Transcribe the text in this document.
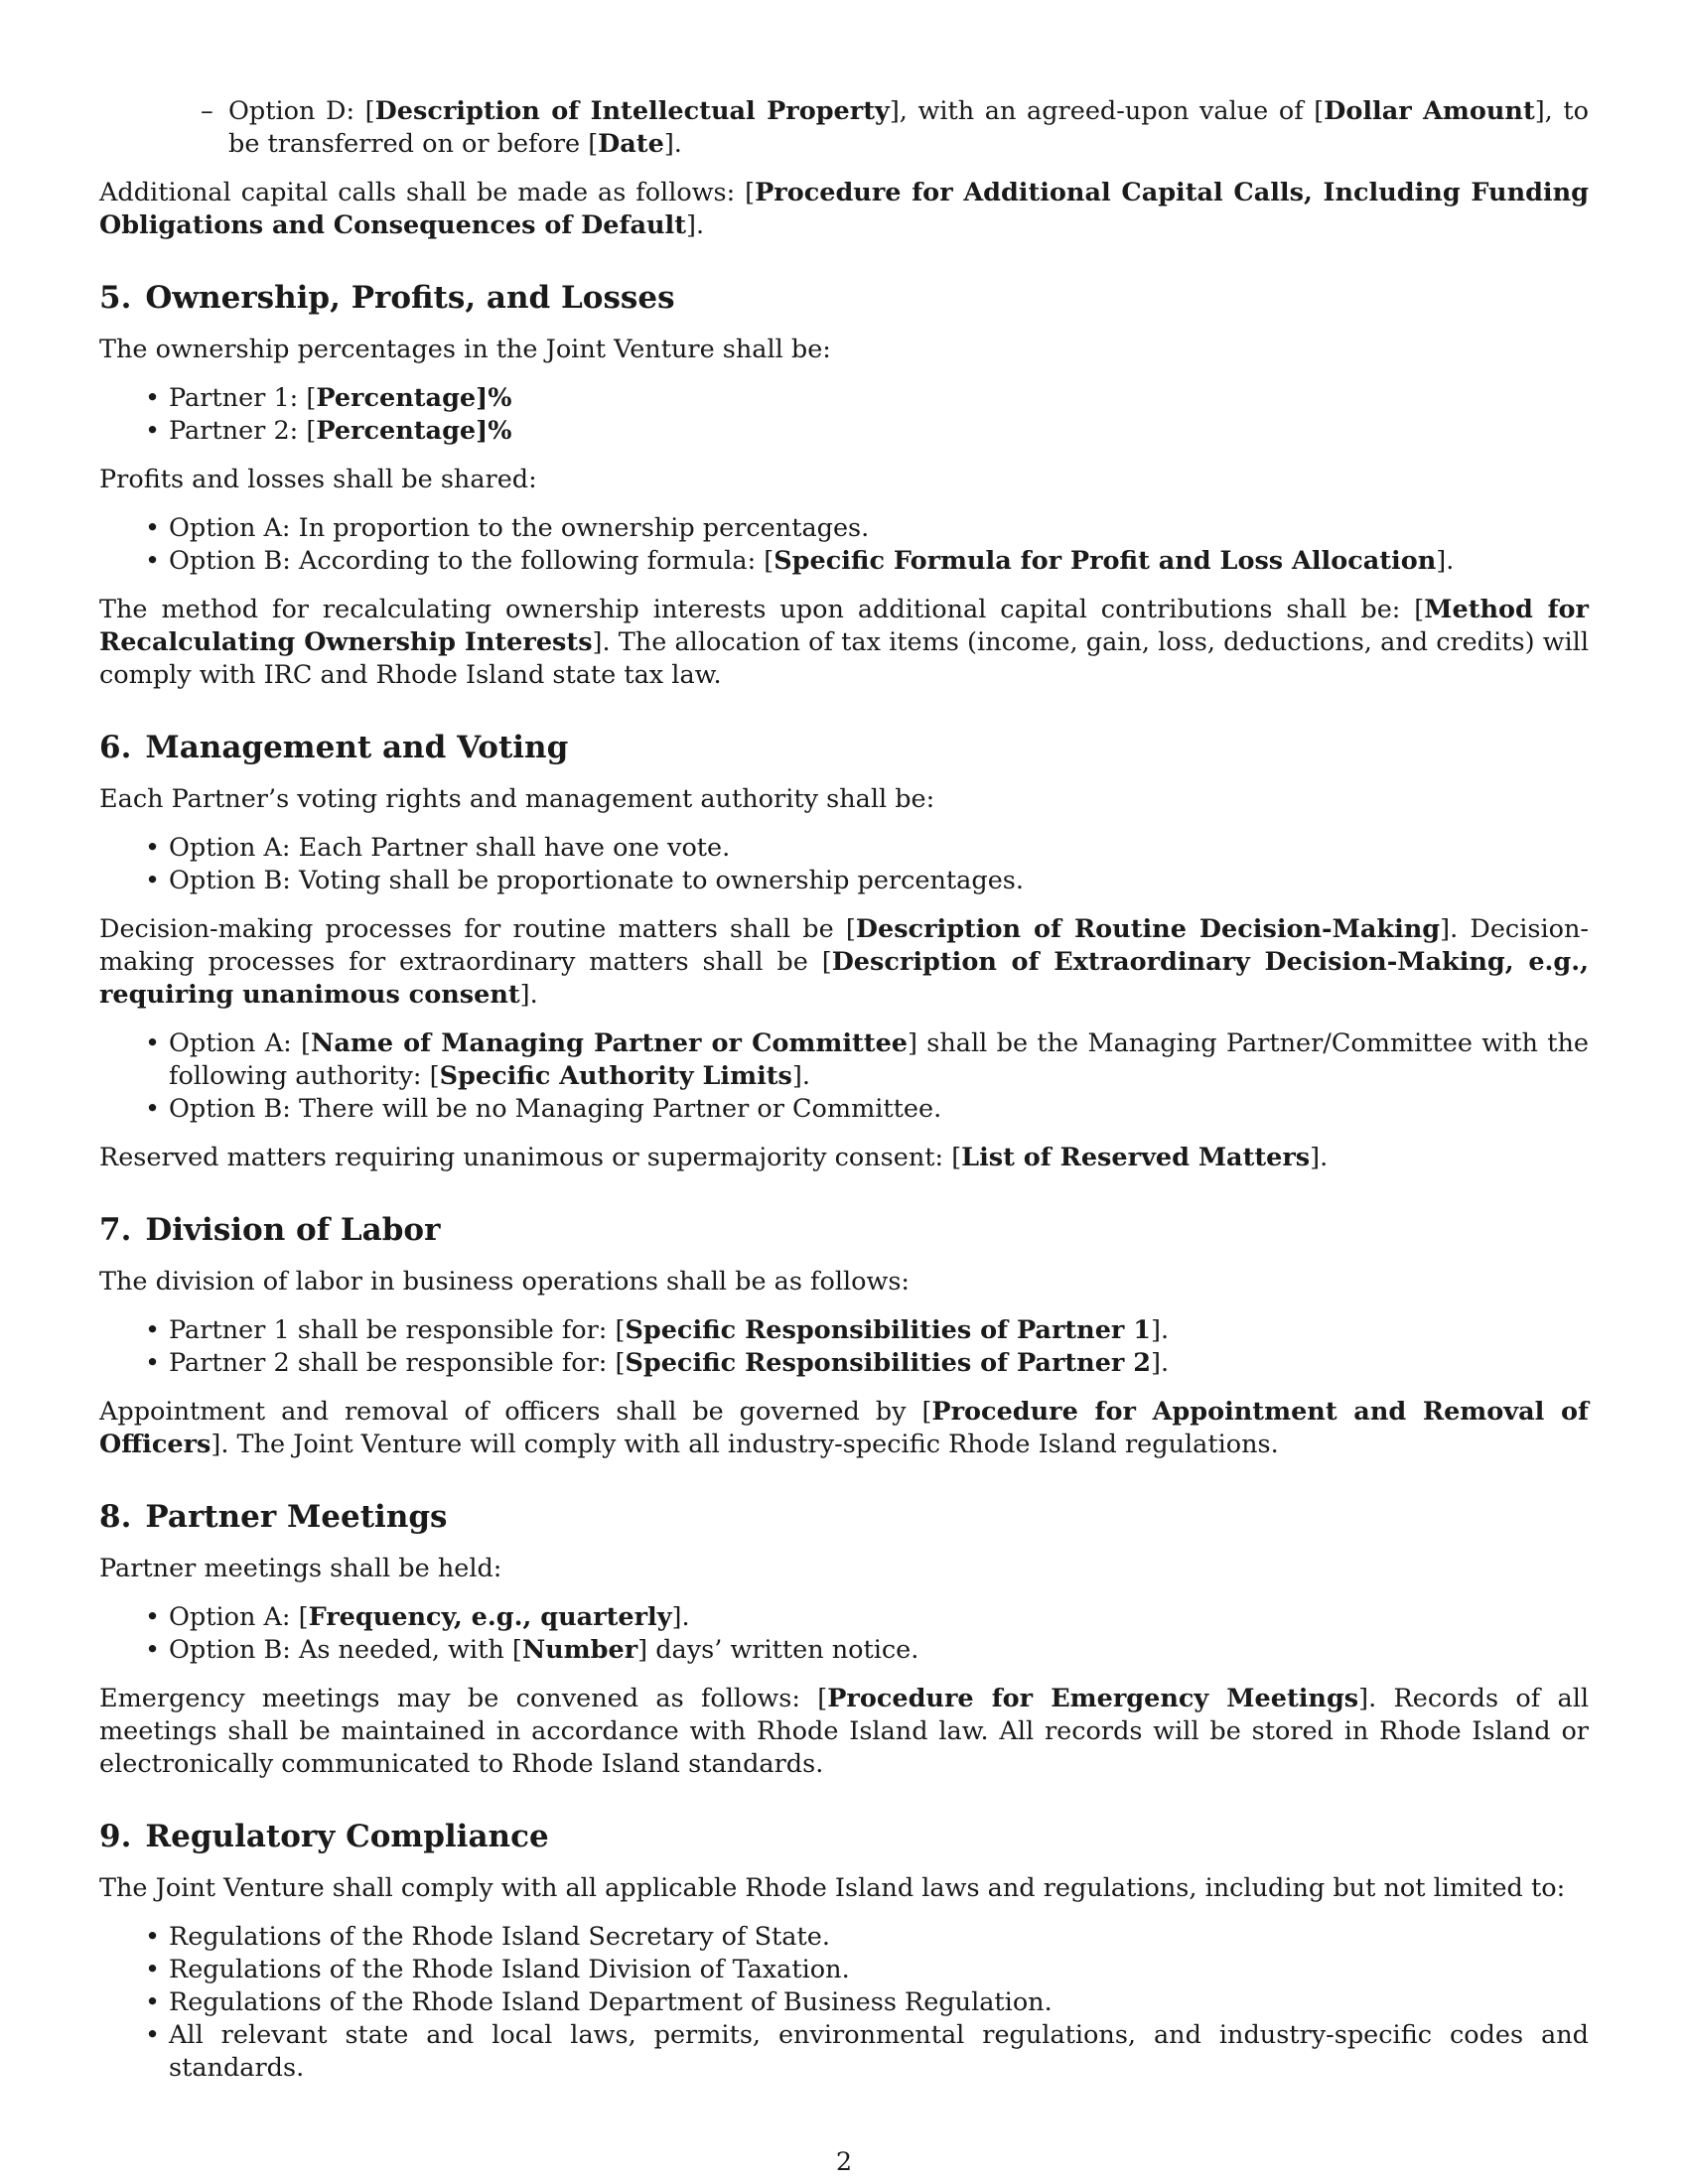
– Option D: [Description of Intellectual Property], with an agreed-upon value of [Dollar Amount], to be transferred on or before [Date].

Additional capital calls shall be made as follows: [Procedure for Additional Capital Calls, Including Funding Obligations and Consequences of Default].

5. Ownership, Profits, and Losses

The ownership percentages in the Joint Venture shall be:

• Partner 1: [Percentage]%
• Partner 2: [Percentage]%

Profits and losses shall be shared:

• Option A: In proportion to the ownership percentages.
• Option B: According to the following formula: [Specific Formula for Profit and Loss Allocation].

The method for recalculating ownership interests upon additional capital contributions shall be: [Method for Recalculating Ownership Interests]. The allocation of tax items (income, gain, loss, deductions, and credits) will comply with IRC and Rhode Island state tax law.

6. Management and Voting

Each Partner’s voting rights and management authority shall be:

• Option A: Each Partner shall have one vote.
• Option B: Voting shall be proportionate to ownership percentages.

Decision-making processes for routine matters shall be [Description of Routine Decision-Making]. Decision-making processes for extraordinary matters shall be [Description of Extraordinary Decision-Making, e.g., requiring unanimous consent].

• Option A: [Name of Managing Partner or Committee] shall be the Managing Partner/Committee with the following authority: [Specific Authority Limits].
• Option B: There will be no Managing Partner or Committee.

Reserved matters requiring unanimous or supermajority consent: [List of Reserved Matters].

7. Division of Labor

The division of labor in business operations shall be as follows:

• Partner 1 shall be responsible for: [Specific Responsibilities of Partner 1].
• Partner 2 shall be responsible for: [Specific Responsibilities of Partner 2].

Appointment and removal of officers shall be governed by [Procedure for Appointment and Removal of Officers]. The Joint Venture will comply with all industry-specific Rhode Island regulations.

8. Partner Meetings

Partner meetings shall be held:

• Option A: [Frequency, e.g., quarterly].
• Option B: As needed, with [Number] days’ written notice.

Emergency meetings may be convened as follows: [Procedure for Emergency Meetings]. Records of all meetings shall be maintained in accordance with Rhode Island law. All records will be stored in Rhode Island or electronically communicated to Rhode Island standards.

9. Regulatory Compliance

The Joint Venture shall comply with all applicable Rhode Island laws and regulations, including but not limited to:

• Regulations of the Rhode Island Secretary of State.
• Regulations of the Rhode Island Division of Taxation.
• Regulations of the Rhode Island Department of Business Regulation.
• All relevant state and local laws, permits, environmental regulations, and industry-specific codes and standards.
2
